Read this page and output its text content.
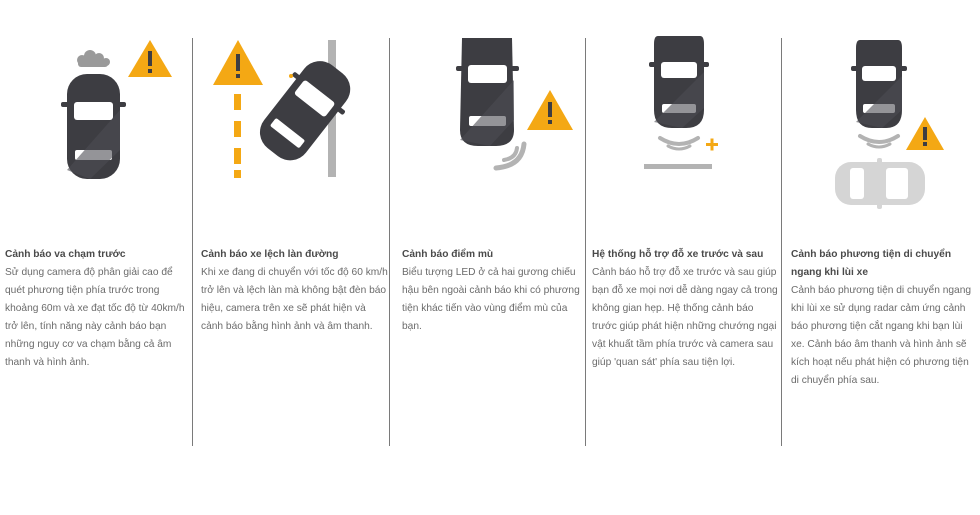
Cảnh báo va chạm trước
Sử dụng camera độ phân giải cao để quét phương tiện phía trước trong khoảng 60m và xe đạt tốc độ từ 40km/h trở lên, tính năng này cảnh báo bạn những nguy cơ va chạm bằng cả âm thanh và hình ảnh.
Cảnh báo xe lệch làn đường
Khi xe đang di chuyển với tốc độ 60 km/h trở lên và lệch làn mà không bật đèn báo hiệu, camera trên xe sẽ phát hiện và cảnh báo bằng hình ảnh và âm thanh.
Cảnh báo điểm mù
Biểu tượng LED ở cả hai gương chiếu hậu bên ngoài cảnh báo khi có phương tiện khác tiến vào vùng điểm mù của bạn.
Hệ thống hỗ trợ đỗ xe trước và sau
Cảnh báo hỗ trợ đỗ xe trước và sau giúp bạn đỗ xe mọi nơi dễ dàng ngay cả trong không gian hẹp. Hệ thống cảnh báo trước giúp phát hiện những chướng ngại vật khuất tầm phía trước và camera sau giúp 'quan sát' phía sau tiện lợi.
Cảnh báo phương tiện di chuyển ngang khi lùi xe
Cảnh báo phương tiện di chuyển ngang khi lùi xe sử dụng radar cảm ứng cảnh báo phương tiện cắt ngang khi bạn lùi xe. Cảnh báo âm thanh và hình ảnh sẽ kích hoạt nếu phát hiện có phương tiện di chuyển phía sau.
